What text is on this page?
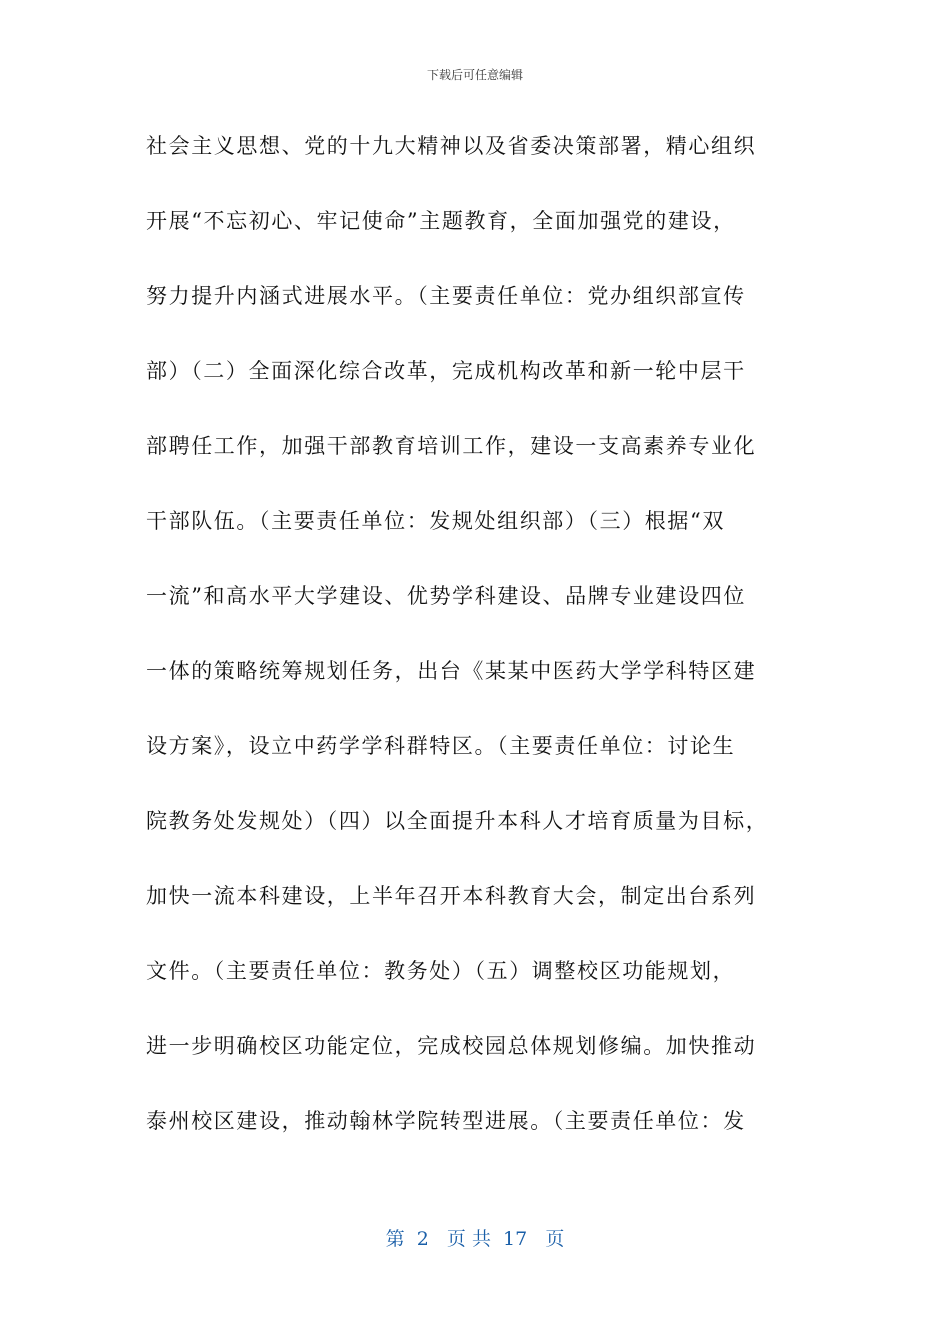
下载后可任意编辑
社会主义思想、党的十九大精神以及省委决策部署，精心组织
开展“不忘初心、牢记使命”主题教育，全面加强党的建设，
努力提升内涵式进展水平。（主要责任单位：党办组织部宣传
部）（二）全面深化综合改革，完成机构改革和新一轮中层干
部聘任工作，加强干部教育培训工作，建设一支高素养专业化
干部队伍。（主要责任单位：发规处组织部）（三）根据“双
一流”和高水平大学建设、优势学科建设、品牌专业建设四位
一体的策略统筹规划任务，出台《某某中医药大学学科特区建
设方案》，设立中药学学科群特区。（主要责任单位：讨论生
院教务处发规处）（四）以全面提升本科人才培育质量为目标，
加快一流本科建设，上半年召开本科教育大会，制定出台系列
文件。（主要责任单位：教务处）（五）调整校区功能规划，
进一步明确校区功能定位，完成校园总体规划修编。加快推动
泰州校区建设，推动翰林学院转型进展。（主要责任单位：发
第  2   页 共  17   页
